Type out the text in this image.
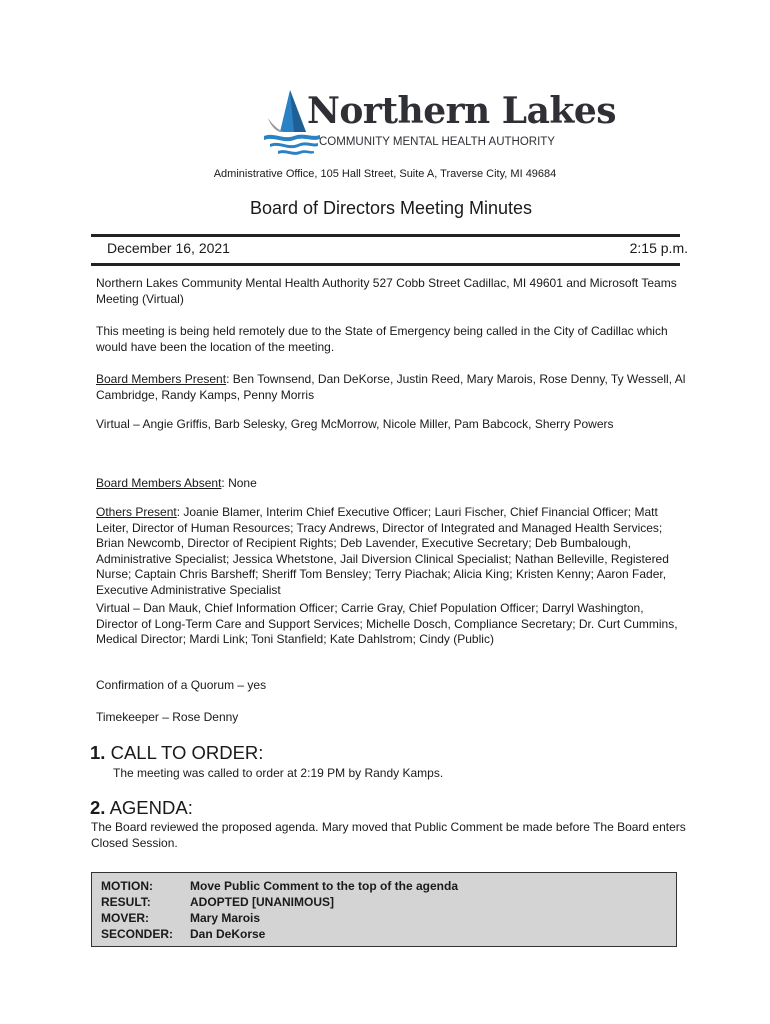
Northern Lakes
COMMUNITY MENTAL HEALTH AUTHORITY
Administrative Office, 105 Hall Street, Suite A, Traverse City, MI 49684
Board of Directors Meeting Minutes
December 16, 2021	2:15 p.m.

Northern Lakes Community Mental Health Authority 527 Cobb Street Cadillac, MI 49601 and Microsoft Teams Meeting (Virtual)

This meeting is being held remotely due to the State of Emergency being called in the City of Cadillac which would have been the location of the meeting.

Board Members Present: Ben Townsend, Dan DeKorse, Justin Reed, Mary Marois, Rose Denny, Ty Wessell, Al Cambridge, Randy Kamps, Penny Morris

Virtual – Angie Griffis, Barb Selesky, Greg McMorrow, Nicole Miller, Pam Babcock, Sherry Powers

Board Members Absent: None

Others Present: Joanie Blamer, Interim Chief Executive Officer; Lauri Fischer, Chief Financial Officer; Matt Leiter, Director of Human Resources; Tracy Andrews, Director of Integrated and Managed Health Services; Brian Newcomb, Director of Recipient Rights; Deb Lavender, Executive Secretary; Deb Bumbalough, Administrative Specialist; Jessica Whetstone, Jail Diversion Clinical Specialist; Nathan Belleville, Registered Nurse; Captain Chris Barsheff; Sheriff Tom Bensley; Terry Piachak; Alicia King; Kristen Kenny; Aaron Fader, Executive Administrative Specialist

Virtual – Dan Mauk, Chief Information Officer; Carrie Gray, Chief Population Officer; Darryl Washington, Director of Long-Term Care and Support Services; Michelle Dosch, Compliance Secretary; Dr. Curt Cummins, Medical Director; Mardi Link; Toni Stanfield; Kate Dahlstrom; Cindy (Public)

Confirmation of a Quorum – yes

Timekeeper – Rose Denny

1. CALL TO ORDER:

The meeting was called to order at 2:19 PM by Randy Kamps.

2. AGENDA:

The Board reviewed the proposed agenda. Mary moved that Public Comment be made before The Board enters Closed Session.

MOTION:	Move Public Comment to the top of the agenda
RESULT:	ADOPTED [UNANIMOUS]
MOVER:	Mary Marois
SECONDER: Dan DeKorse
